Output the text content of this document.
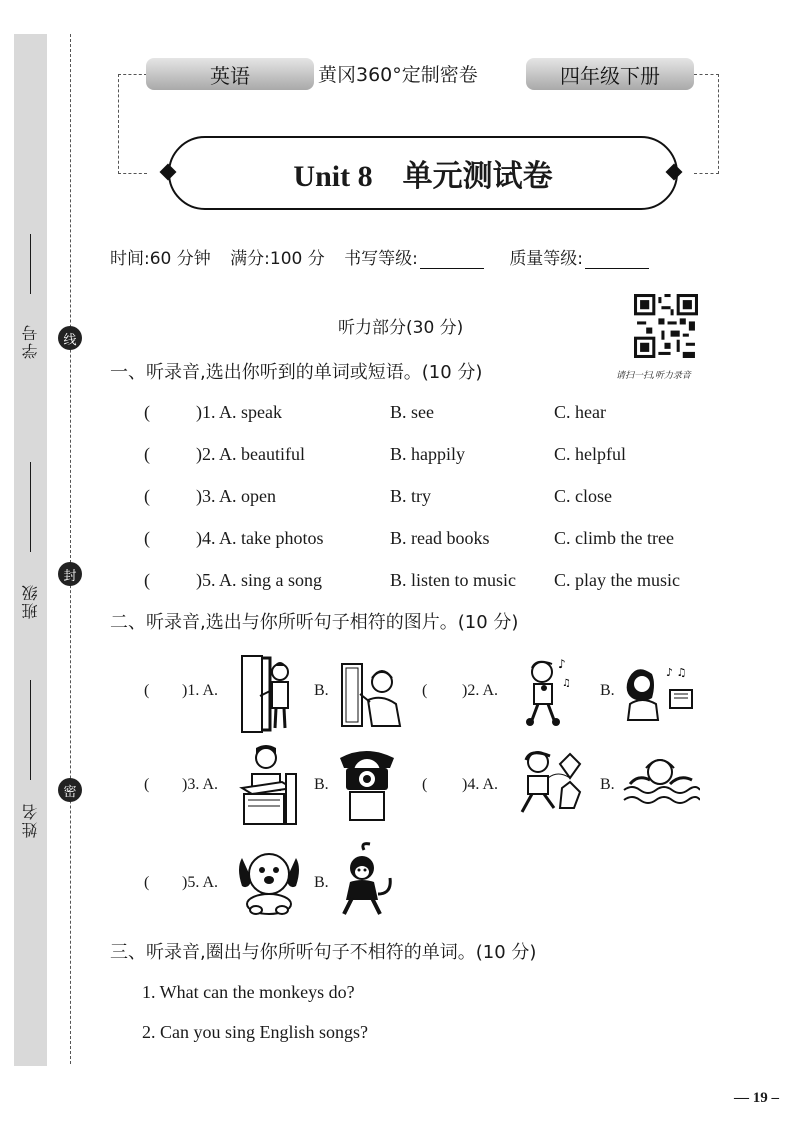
学号
班级
姓名
线
封
密
英语	黄冈360°定制密卷	四年级下册
Unit 8　单元测试卷
时间:60 分钟 满分:100 分 书写等级:	质量等级:
听力部分(30 分)
请扫一扫,听力录音
一、听录音,选出你听到的单词或短语。(10 分)
(	)1. A. speak	B. see	C. hear
(	)2. A. beautiful	B. happily	C. helpful
(	)3. A. open	B. try	C. close
(	)4. A. take photos	B. read books	C. climb the tree
(	)5. A. sing a song	B. listen to music C. play the music
二、听录音,选出与你所听句子相符的图片。(10 分)
( )1. A.	B.	( )2. A.
♪
♫ B.
♪ ♫
( )3. A.	B.	( )4. A.	B.
( )5. A.	B.
三、听录音,圈出与你所听句子不相符的单词。(10 分)
1. What can the monkeys do?
2. Can you sing English songs?
— 19 –
